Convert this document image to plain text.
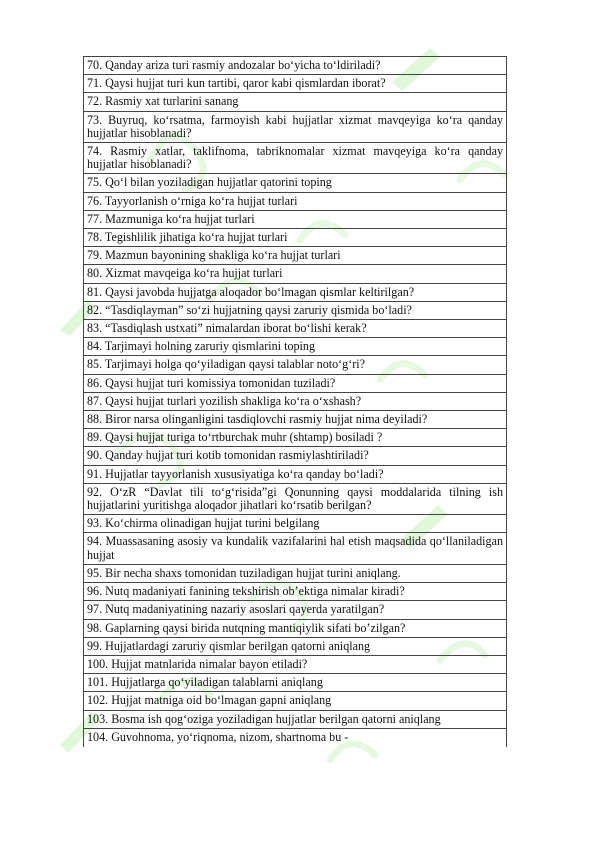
70. Qanday ariza turi rasmiy andozalar bo‘yicha to‘ldiriladi?
71. Qaysi hujjat turi kun tartibi, qaror kabi qismlardan iborat?
72. Rasmiy xat turlarini sanang
73. Buyruq, ko‘rsatma, farmoyish kabi hujjatlar xizmat mavqeyiga ko‘ra qanday hujjatlar hisoblanadi?
74. Rasmiy xatlar, taklifnoma, tabriknomalar xizmat mavqeyiga ko‘ra qanday hujjatlar hisoblanadi?
75. Qo‘l bilan yoziladigan hujjatlar qatorini toping
76. Tayyorlanish o‘rniga ko‘ra hujjat turlari
77. Mazmuniga ko‘ra hujjat turlari
78. Tegishlilik jihatiga ko‘ra hujjat turlari
79. Mazmun bayonining shakliga ko‘ra hujjat turlari
80. Xizmat mavqeiga ko‘ra hujjat turlari
81. Qaysi javobda hujjatga aloqador bo‘lmagan qismlar keltirilgan?
82. “Tasdiqlayman” so‘zi hujjatning qaysi zaruriy qismida bo‘ladi?
83. “Tasdiqlash ustxati” nimalardan iborat bo‘lishi kerak?
84. Tarjimayi holning zaruriy qismlarini toping
85. Tarjimayi holga qo‘yiladigan qaysi talablar noto‘g‘ri?
86. Qaysi hujjat turi komissiya tomonidan tuziladi?
87. Qaysi hujjat turlari yozilish shakliga ko‘ra o‘xshash?
88. Biror narsa olinganligini tasdiqlovchi rasmiy hujjat nima deyiladi?
89. Qaysi hujjat turiga to‘rtburchak muhr (shtamp) bosiladi ?
90. Qanday hujjat turi kotib tomonidan rasmiylashtiriladi?
91. Hujjatlar tayyorlanish xususiyatiga ko‘ra qanday bo‘ladi?
92. O‘zR “Davlat tili to‘g‘risida”gi Qonunning qaysi moddalarida tilning ish hujjatlarini yuritishga aloqador jihatlari ko‘rsatib berilgan?
93. Ko‘chirma olinadigan hujjat turini belgilang
94. Muassasaning asosiy va kundalik vazifalarini hal etish maqsadida qo‘llaniladigan hujjat
95. Bir necha shaxs tomonidan tuziladigan hujjat turini aniqlang.
96. Nutq madaniyati fanining tekshirish ob’ektiga nimalar kiradi?
97. Nutq madaniyatining nazariy asoslari qayerda yaratilgan?
98. Gaplarning qaysi birida nutqning mantiqiylik sifati bo’zilgan?
99. Hujjatlardagi zaruriy qismlar berilgan qatorni aniqlang
100. Hujjat matnlarida nimalar bayon etiladi?
101. Hujjatlarga qo‘yiladigan talablarni aniqlang
102. Hujjat matniga oid bo‘lmagan gapni aniqlang
103. Bosma ish qog‘oziga yoziladigan hujjatlar berilgan qatorni aniqlang
104. Guvohnoma, yo‘riqnoma, nizom, shartnoma bu -
